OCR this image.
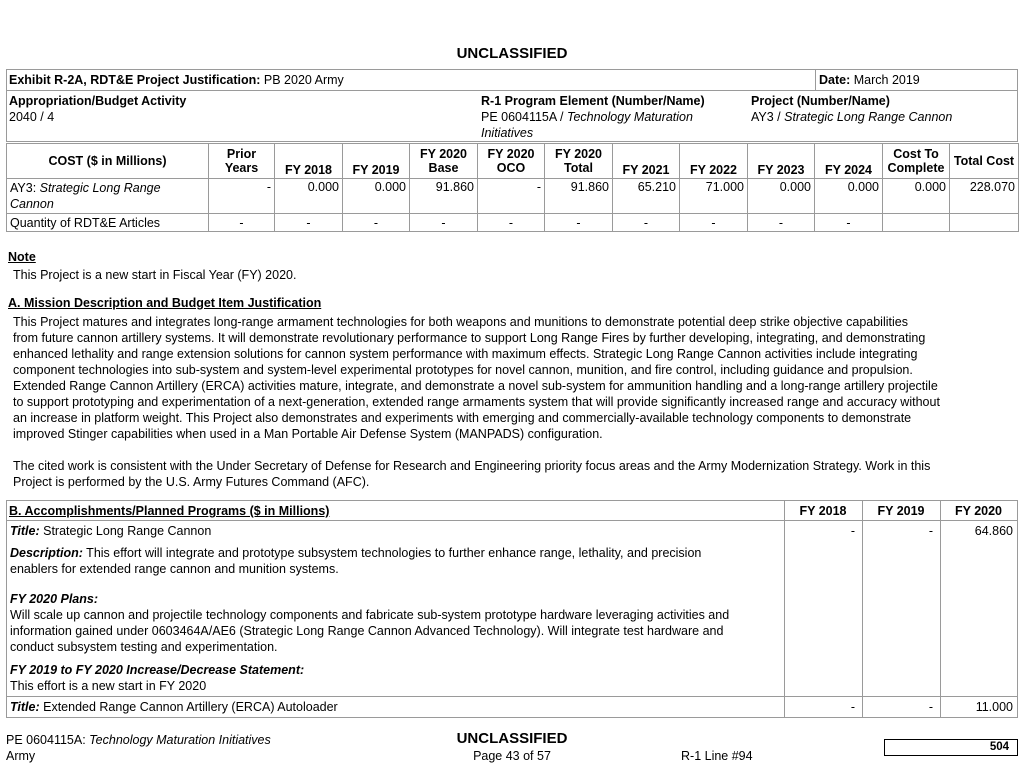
UNCLASSIFIED
Exhibit R-2A, RDT&E Project Justification: PB 2020 Army	Date: March 2019
Appropriation/Budget Activity
2040 / 4
R-1 Program Element (Number/Name)
PE 0604115A / Technology Maturation Initiatives
Project (Number/Name)
AY3 / Strategic Long Range Cannon
COST ($ in Millions)	Prior Years	FY 2018	FY 2019	FY 2020 Base	FY 2020 OCO	FY 2020 Total	FY 2021	FY 2022	FY 2023	FY 2024	Cost To Complete	Total Cost
AY3: Strategic Long Range Cannon	-	0.000	0.000	91.860	-	91.860	65.210	71.000	0.000	0.000	0.000	228.070
Quantity of RDT&E Articles	-	-	-	-	-	-	-	-	-	-		
Note
This Project is a new start in Fiscal Year (FY) 2020.
A. Mission Description and Budget Item Justification
This Project matures and integrates long-range armament technologies for both weapons and munitions to demonstrate potential deep strike objective capabilities
from future cannon artillery systems. It will demonstrate revolutionary performance to support Long Range Fires by further developing, integrating, and demonstrating
enhanced lethality and range extension solutions for cannon system performance with maximum effects. Strategic Long Range Cannon activities include integrating
component technologies into sub-system and system-level experimental prototypes for novel cannon, munition, and fire control, including guidance and propulsion.
Extended Range Cannon Artillery (ERCA) activities mature, integrate, and demonstrate a novel sub-system for ammunition handling and a long-range artillery projectile
to support prototyping and experimentation of a next-generation, extended range armaments system that will provide significantly increased range and accuracy without
an increase in platform weight. This Project also demonstrates and experiments with emerging and commercially-available technology components to demonstrate
improved Stinger capabilities when used in a Man Portable Air Defense System (MANPADS) configuration.
The cited work is consistent with the Under Secretary of Defense for Research and Engineering priority focus areas and the Army Modernization Strategy. Work in this
Project is performed by the U.S. Army Futures Command (AFC).
B. Accomplishments/Planned Programs ($ in Millions)	FY 2018	FY 2019	FY 2020
Title: Strategic Long Range Cannon	-	-	64.860
Description: This effort will integrate and prototype subsystem technologies to further enhance range, lethality, and precision
enablers for extended range cannon and munition systems.
FY 2020 Plans:
Will scale up cannon and projectile technology components and fabricate sub-system prototype hardware leveraging activities and
information gained under 0603464A/AE6 (Strategic Long Range Cannon Advanced Technology). Will integrate test hardware and
conduct subsystem testing and experimentation.
FY 2019 to FY 2020 Increase/Decrease Statement:
This effort is a new start in FY 2020
Title: Extended Range Cannon Artillery (ERCA) Autoloader	-	-	11.000
PE 0604115A: Technology Maturation Initiatives
Army
UNCLASSIFIED
Page 43 of 57	R-1 Line #94
504
